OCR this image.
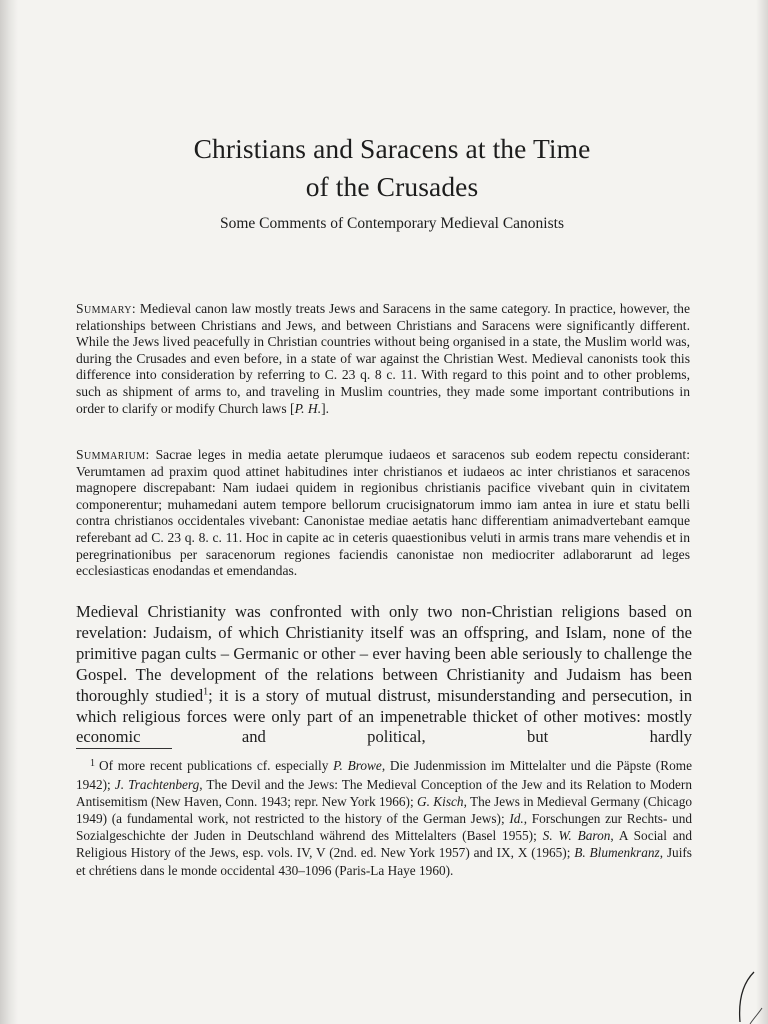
Christians and Saracens at the Time
of the Crusades

Some Comments of Contemporary Medieval Canonists

Summary: Medieval canon law mostly treats Jews and Saracens in the same category. In practice, however, the relationships between Christians and Jews, and between Christians and Saracens were significantly different. While the Jews lived peacefully in Christian countries without being organised in a state, the Muslim world was, during the Crusades and even before, in a state of war against the Christian West. Medieval canonists took this difference into consideration by referring to C. 23 q. 8 c. 11. With regard to this point and to other problems, such as shipment of arms to, and traveling in Muslim countries, they made some important contributions in order to clarify or modify Church laws [P. H.].

Summarium: Sacrae leges in media aetate plerumque iudaeos et saracenos sub eodem repectu considerant: Verumtamen ad praxim quod attinet habitudines inter christianos et iudaeos ac inter christianos et saracenos magnopere discrepabant: Nam iudaei quidem in regionibus christianis pacifice vivebant quin in civitatem componerentur; muhamedani autem tempore bellorum crucisignatorum immo iam antea in iure et statu belli contra christianos occidentales vivebant: Canonistae mediae aetatis hanc differentiam animadvertebant eamque referebant ad C. 23 q. 8. c. 11. Hoc in capite ac in ceteris quaestionibus veluti in armis trans mare vehendis et in peregrinationibus per saracenorum regiones faciendis canonistae non mediocriter adlaborarunt ad leges ecclesiasticas enodandas et emendandas.

Medieval Christianity was confronted with only two non-Christian religions based on revelation: Judaism, of which Christianity itself was an offspring, and Islam, none of the primitive pagan cults – Germanic or other – ever having been able seriously to challenge the Gospel. The development of the relations between Christianity and Judaism has been thoroughly studied$^1$; it is a story of mutual distrust, misunderstanding and persecution, in which religious forces were only part of an impenetrable thicket of other motives: mostly economic and political, but hardly

$^1$ Of more recent publications cf. especially P. Browe, Die Judenmission im Mittelalter und die Päpste (Rome 1942); J. Trachtenberg, The Devil and the Jews: The Medieval Conception of the Jew and its Relation to Modern Antisemitism (New Haven, Conn. 1943; repr. New York 1966); G. Kisch, The Jews in Medieval Germany (Chicago 1949) (a fundamental work, not restricted to the history of the German Jews); Id., Forschungen zur Rechts- und Sozialgeschichte der Juden in Deutschland während des Mittelalters (Basel 1955); S. W. Baron, A Social and Religious History of the Jews, esp. vols. IV, V (2nd. ed. New York 1957) and IX, X (1965); B. Blumenkranz, Juifs et chrétiens dans le monde occidental 430–1096 (Paris-La Haye 1960).
